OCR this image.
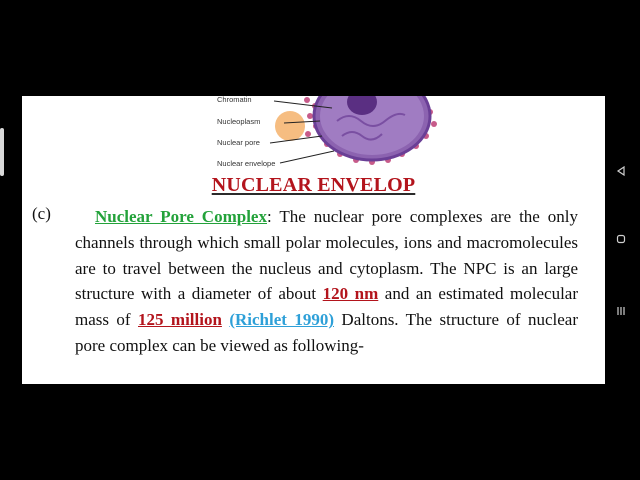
Chromatin
Nucleoplasm
Nuclear pore
Nuclear envelope
NUCLEAR ENVELOP
(c)	Nuclear Pore Complex: The nuclear pore complexes are the only channels through which small polar molecules, ions and macromolecules are to travel between the nucleus and cytoplasm. The NPC is an large structure with a diameter of about 120 nm and an estimated molecular mass of 125 million (Richlet 1990) Daltons. The structure of nuclear pore complex can be viewed as following-
